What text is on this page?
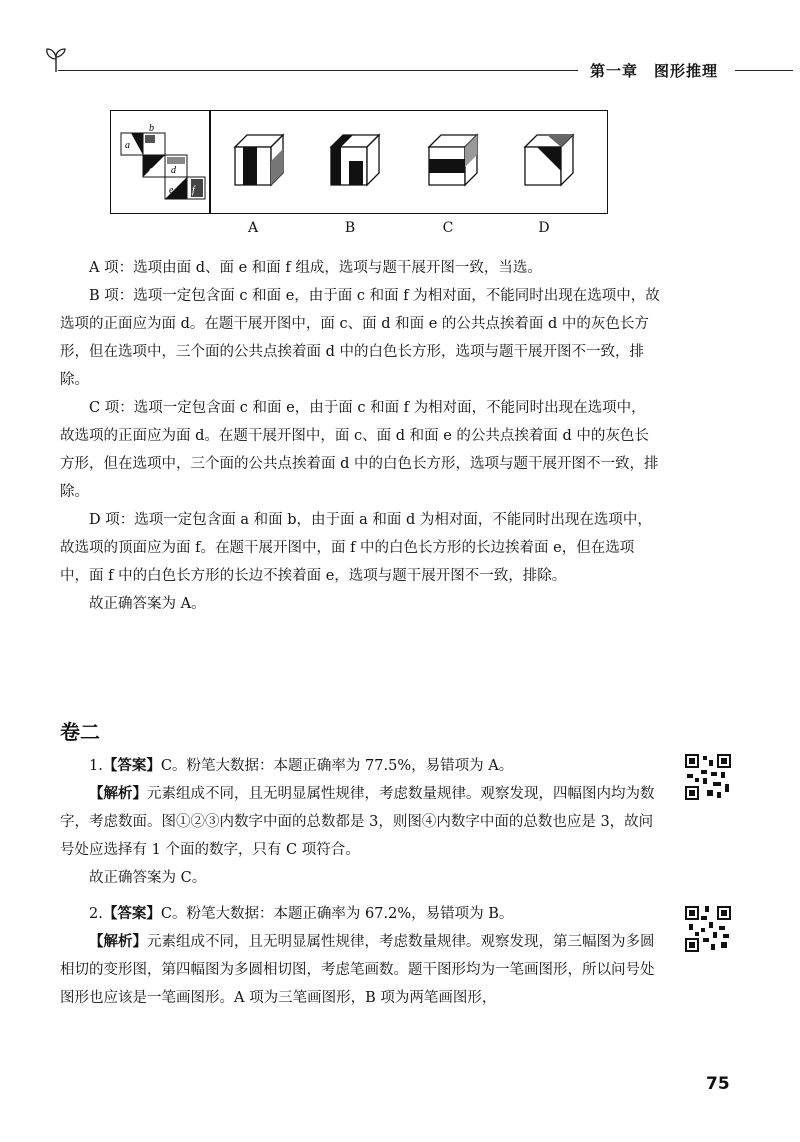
第一章　图形推理
a
b
c d
e f
A	B	C	D

A 项：选项由面 d、面 e 和面 f 组成，选项与题干展开图一致，当选。

B 项：选项一定包含面 c 和面 e，由于面 c 和面 f 为相对面，不能同时出现在选项中，故选项的正面应为面 d。在题干展开图中，面 c、面 d 和面 e 的公共点挨着面 d 中的灰色长方形，但在选项中，三个面的公共点挨着面 d 中的白色长方形，选项与题干展开图不一致，排除。

C 项：选项一定包含面 c 和面 e，由于面 c 和面 f 为相对面，不能同时出现在选项中，故选项的正面应为面 d。在题干展开图中，面 c、面 d 和面 e 的公共点挨着面 d 中的灰色长方形，但在选项中，三个面的公共点挨着面 d 中的白色长方形，选项与题干展开图不一致，排除。

D 项：选项一定包含面 a 和面 b，由于面 a 和面 d 为相对面，不能同时出现在选项中，故选项的顶面应为面 f。在题干展开图中，面 f 中的白色长方形的长边挨着面 e，但在选项中，面 f 中的白色长方形的长边不挨着面 e，选项与题干展开图不一致，排除。

故正确答案为 A。

卷二

1.【答案】C。粉笔大数据：本题正确率为 77.5%，易错项为 A。

【解析】元素组成不同，且无明显属性规律，考虑数量规律。观察发现，四幅图内均为数字，考虑数面。图①②③内数字中面的总数都是 3，则图④内数字中面的总数也应是 3，故问号处应选择有 1 个面的数字，只有 C 项符合。

故正确答案为 C。

2.【答案】C。粉笔大数据：本题正确率为 67.2%，易错项为 B。

【解析】元素组成不同，且无明显属性规律，考虑数量规律。观察发现，第三幅图为多圆相切的变形图，第四幅图为多圆相切图，考虑笔画数。题干图形均为一笔画图形，所以问号处图形也应该是一笔画图形。A 项为三笔画图形，B 项为两笔画图形，

75
